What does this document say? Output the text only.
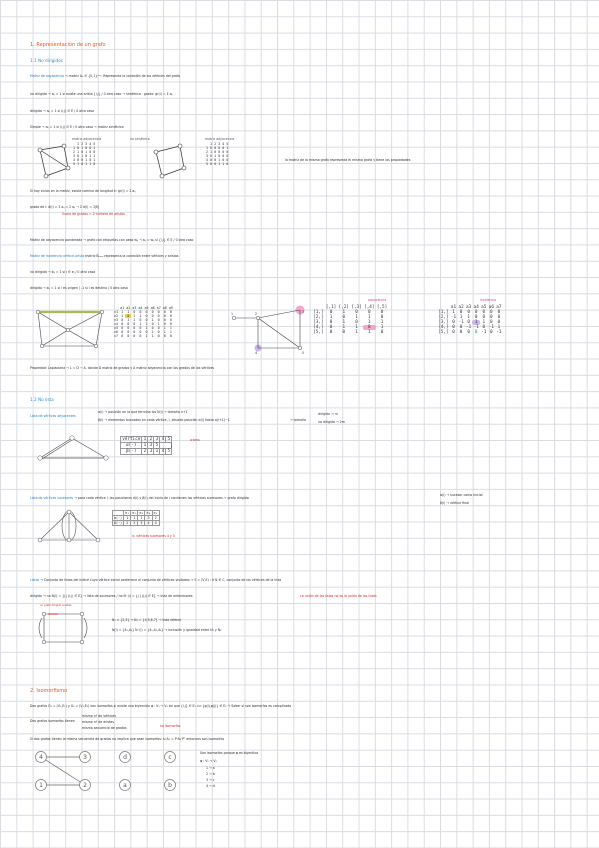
1. Representación de un grafo
1.1 No dirigidos
Matriz de adyacencia → matriz Aᵤ ∈ {0,1}ⁿˣⁿ. Representa la conexión de los vértices del grafo
no dirigido → aᵢⱼ = 1 si existe una arista {i,j} / 0 otro caso → simétrica · grado: gr(i) = Σ aᵢⱼ
dirigido → aᵢⱼ = 1 si (i,j) ∈ E / 0 otro caso
Simple → aᵢⱼ = 1 si (i,j) ∈ E / 0 otro caso → matriz simétrica
matriz adyacencia
	1	2	3	4	5
1	0	1	0	0	1
2	1	0	1	0	0
3	0	1	0	1	1
4	0	0	1	0	1
5	1	0	1	1	0
no simétrica	matriz adyacencia
	1	2	3	4	5
1	0	0	0	0	1
2	1	0	0	0	0
3	0	1	0	0	0
4	0	0	1	0	0
5	0	0	1	1	0
la matriz de la misma grafo representa el mismo grafo y tiene las propiedades
Si hay ciclos en la matriz, existe camino de longitud k: gr(i) = Σ aᵢⱼ
grado de i: d(i) = Σ aᵢⱼ = Σ aⱼᵢ → Σ d(i) = 2|E|
Suma de grados = 2·número de aristas
Matriz de adyacencia ponderada → grafo con etiquetas con peso wᵢⱼ → aᵢⱼ = wᵢⱼ si {i,j} ∈ E / 0 otro caso
Matriz de incidencia vértice-arista matriz Bₙₓₘ representa la conexión entre vértices y aristas
no dirigido → bᵢⱼ = 1 si i ∈ eⱼ / 0 otro caso
dirigido → bᵢⱼ = 1 si i es origen / -1 si i es destino / 0 otro caso
	a1	a2	a3	a4	a5	a6	a7	a8	a9
v1	1	1	0	0	0	0	0	0	0
v2	1	0	1	1	0	0	0	0	0
v3	0	1	1	0	0	1	0	0	0
v4	0	0	0	1	1	0	1	0	0
v5	0	0	0	0	1	0	0	1	1
v6	0	0	0	0	0	1	0	1	1
v7	0	0	0	0	1	1	0	0	0
1	2	3
4	5
adyacencia
	[,1]	[,2]	[,3]	[,4]	[,5]
[1,]	0	1	0	0	0
[2,]	1	0	1	1	0
[3,]	0	1	0	1	1
[4,]	0	1	1	0	1
[5,]	0	0	1	1	0
incidencia
	a1	a2	a3	a4	a5	a6	a7
[1,]	1	0	0	0	0	0	0
[2,]	-1	1	1	0	0	0	0
[3,]	0	-1	0	1	1	0	0
[4,]	0	0	-1	-1	0	-1	1
[5,]	0	0	0	0	-1	0	-1
Propiedad: Laplaciana → L = D − A, donde D matriz de grados y A matriz adyacencia con los grados de los vértices
1.2 No lista
Lista de vértices adyacentes
α(i) → posición en la que termina los N(i) → tamaño n+1
β(i) → elementos buscados en cada vértice, i, situado posición α(i) hasta α(i+1)−1	→ tamaño
dirigido → m
no dirigido → 2m
vértice	1	2	3	4	5
α(·)	1	3	5		
β(·)	2	3	1	4	5
a·bms
Lista de vértices sucesores → para cada vértice i, las posiciones d(i) y β(i) del inicio de i contienen los vértices sucesores → grafo dirigido
α(i) → sucesor como inicial
β(i) → vértice final
	e₁	e₂	e₃	e₄	e₅
α(·)	1	1	1	3	2
β(·)	2	3	3	4	4
n₁ vértices sucesores 4 y 5
Listas → Conjunto de listas del índice cuyo vértice inicial pertenece al conjunto de vértices visitados → S = (V,E) : ∀ N ∈ C, conjunto de los vértices de la lista
dirigido → no N(i) = {j | (i,j) ∈ E} → lista de sucesores / no N⁻(i) = {j | (j,i) ∈ E} → lista de antecesores	La unión de las listas no es la unión de las listas
no grafo dirigido a listas
N₁ = {2,3} → N₂ = {4,5,6,7} → lista vértice
N(i) = {4₂,4₃} N⁻(i) = {4₁,4₂,4₃} → inclusión y igualdad entre N₁ y N₂
2. Isomorfismo
Dos grafos G₁ = (V₁,E₁) y G₂ = (V₂,E₂) son isomorfos si existe una biyección φ : V₁ → V₂ tal que {i,j} ∈ E₁ ⟺ {φ(i),φ(j)} ∈ E₂ → Saber si son isomorfos es complicado
Dos grafos isomorfos tienen
mismo nº de vértices
mismo nº de aristas
misma secuencia de grados	no isomorfos
Si dos grafos tienen la misma secuencia de grados no implica que sean isomorfos: si A₁ = P·A₂·Pᵀ entonces son isomorfos
4	3
1	2
d	c
a	b
Son isomorfos porque φ es biyectiva
φ : V₁ → V₂
1 → a
2 → b
3 → c
4 → d
